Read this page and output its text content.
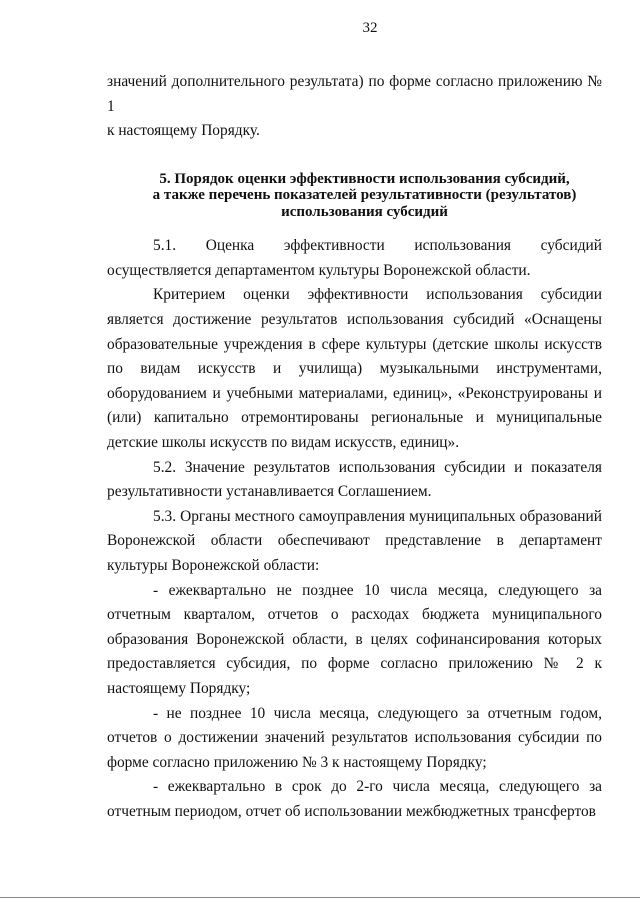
32

значений дополнительного результата) по форме согласно приложению № 1

к настоящему Порядку.

5. Порядок оценки эффективности использования субсидий,
а также перечень показателей результативности (результатов)
использования субсидий

5.1. Оценка эффективности использования субсидий осуществляется департаментом культуры Воронежской области.

Критерием оценки эффективности использования субсидии является достижение результатов использования субсидий «Оснащены образовательные учреждения в сфере культуры (детские школы искусств по видам искусств и училища) музыкальными инструментами, оборудованием и учебными материалами, единиц», «Реконструированы и (или) капитально отремонтированы региональные и муниципальные детские школы искусств по видам искусств, единиц».

5.2. Значение результатов использования субсидии и показателя результативности устанавливается Соглашением.

5.3. Органы местного самоуправления муниципальных образований Воронежской области обеспечивают представление в департамент культуры Воронежской области:

- ежеквартально не позднее 10 числа месяца, следующего за отчетным кварталом, отчетов о расходах бюджета муниципального образования Воронежской области, в целях софинансирования которых предоставляется субсидия, по форме согласно приложению № 2 к настоящему Порядку;

- не позднее 10 числа месяца, следующего за отчетным годом, отчетов о достижении значений результатов использования субсидии по форме согласно приложению № 3 к настоящему Порядку;

- ежеквартально в срок до 2-го числа месяца, следующего за отчетным периодом, отчет об использовании межбюджетных трансфертов
